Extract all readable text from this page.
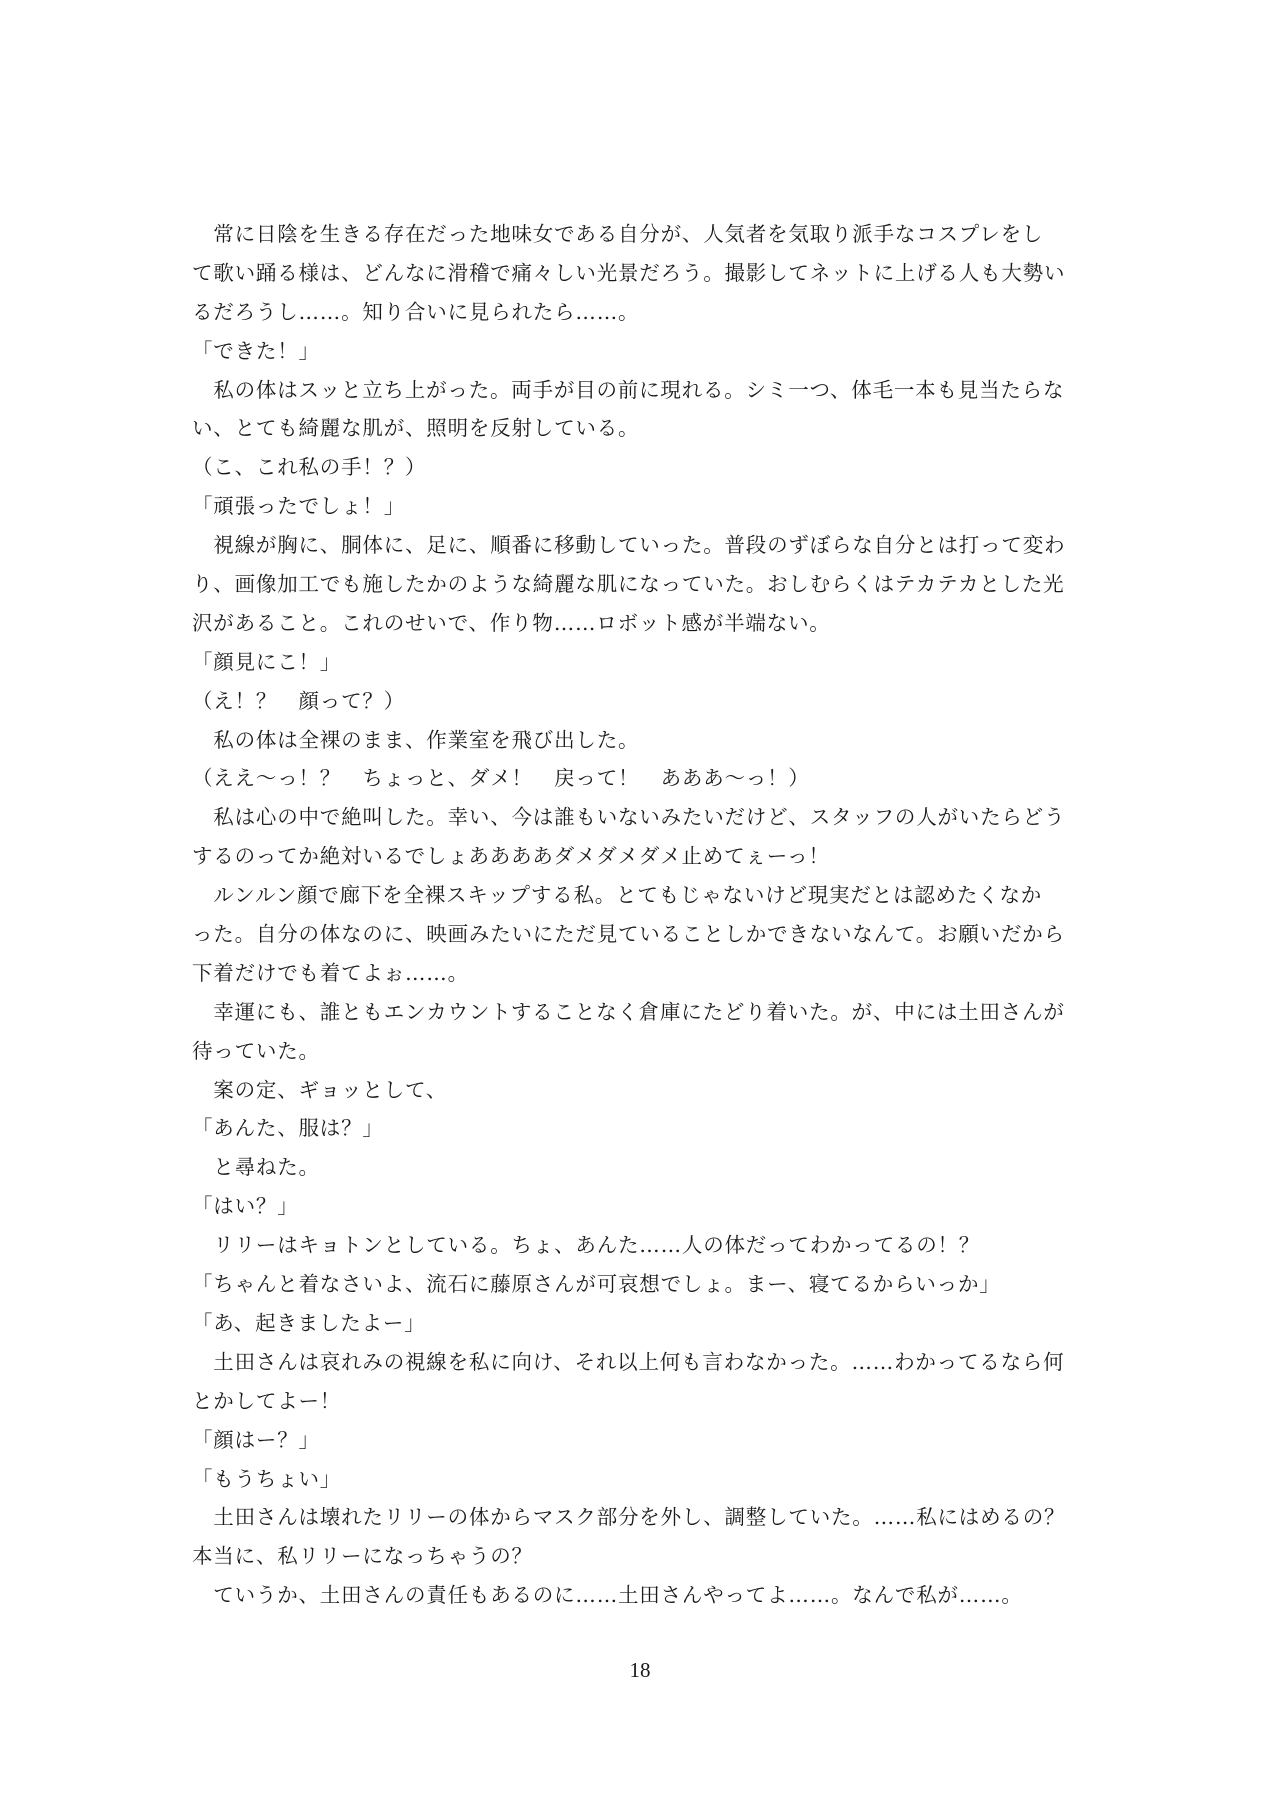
　常に日陰を生きる存在だった地味女である自分が、人気者を気取り派手なコスプレをし
て歌い踊る様は、どんなに滑稽で痛々しい光景だろう。撮影してネットに上げる人も大勢い
るだろうし……。知り合いに見られたら……。
「できた！」
　私の体はスッと立ち上がった。両手が目の前に現れる。シミ一つ、体毛一本も見当たらな
い、とても綺麗な肌が、照明を反射している。
（こ、これ私の手！？）
「頑張ったでしょ！」
　視線が胸に、胴体に、足に、順番に移動していった。普段のずぼらな自分とは打って変わ
り、画像加工でも施したかのような綺麗な肌になっていた。おしむらくはテカテカとした光
沢があること。これのせいで、作り物……ロボット感が半端ない。
「顔見にこ！」
（え！？　顔って？）
　私の体は全裸のまま、作業室を飛び出した。
（ええ〜っ！？　ちょっと、ダメ！　戻って！　あああ〜っ！）
　私は心の中で絶叫した。幸い、今は誰もいないみたいだけど、スタッフの人がいたらどう
するのってか絶対いるでしょああああダメダメダメ止めてぇーっ！
　ルンルン顔で廊下を全裸スキップする私。とてもじゃないけど現実だとは認めたくなか
った。自分の体なのに、映画みたいにただ見ていることしかできないなんて。お願いだから
下着だけでも着てよぉ……。
　幸運にも、誰ともエンカウントすることなく倉庫にたどり着いた。が、中には土田さんが
待っていた。
　案の定、ギョッとして、
「あんた、服は？」
　と尋ねた。
「はい？」
　リリーはキョトンとしている。ちょ、あんた……人の体だってわかってるの！？
「ちゃんと着なさいよ、流石に藤原さんが可哀想でしょ。まー、寝てるからいっか」
「あ、起きましたよー」
　土田さんは哀れみの視線を私に向け、それ以上何も言わなかった。……わかってるなら何
とかしてよー！
「顔はー？」
「もうちょい」
　土田さんは壊れたリリーの体からマスク部分を外し、調整していた。……私にはめるの？
本当に、私リリーになっちゃうの？
　ていうか、土田さんの責任もあるのに……土田さんやってよ……。なんで私が……。
18
